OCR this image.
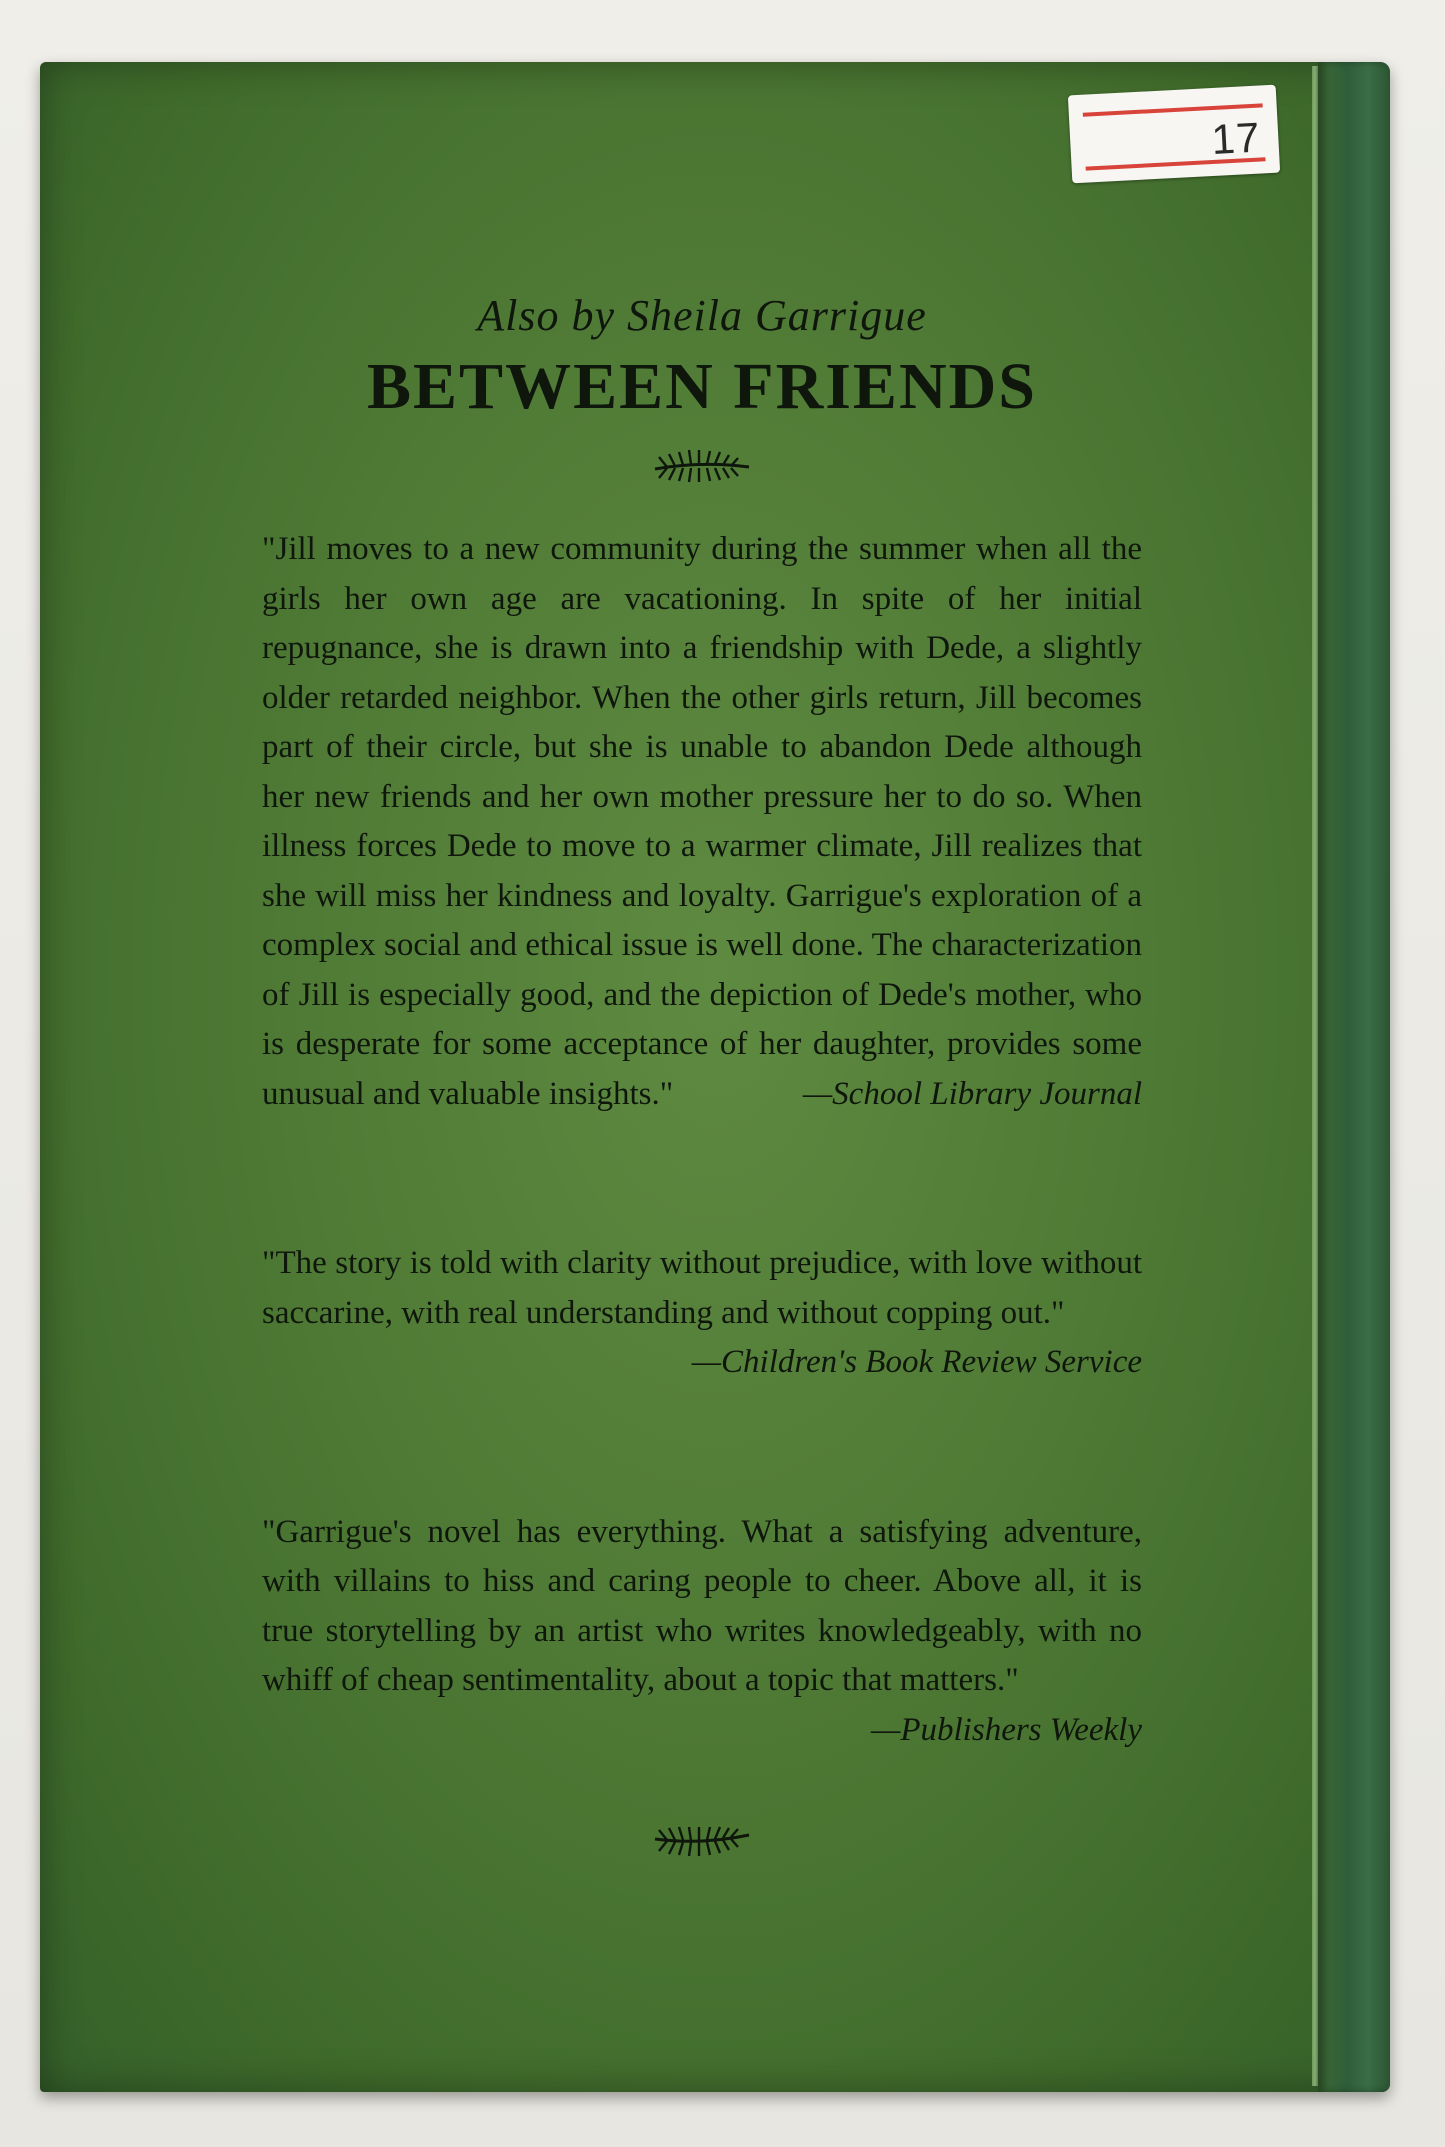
17

Also by Sheila Garrigue

BETWEEN FRIENDS

"Jill moves to a new community during the summer when all the girls her own age are vacationing. In spite of her initial repugnance, she is drawn into a friendship with Dede, a slightly older retarded neighbor. When the other girls return, Jill becomes part of their circle, but she is unable to abandon Dede although her new friends and her own mother pressure her to do so. When illness forces Dede to move to a warmer climate, Jill realizes that she will miss her kindness and loyalty. Garrigue's exploration of a complex social and ethical issue is well done. The characterization of Jill is especially good, and the depiction of Dede's mother, who is desperate for some acceptance of her daughter, provides some unusual and valuable insights."	—School Library Journal

"The story is told with clarity without prejudice, with love without saccarine, with real understanding and without copping out."
—Children's Book Review Service

"Garrigue's novel has everything. What a satisfying adventure, with villains to hiss and caring people to cheer. Above all, it is true storytelling by an artist who writes knowledgeably, with no whiff of cheap sentimentality, about a topic that matters."
—Publishers Weekly
